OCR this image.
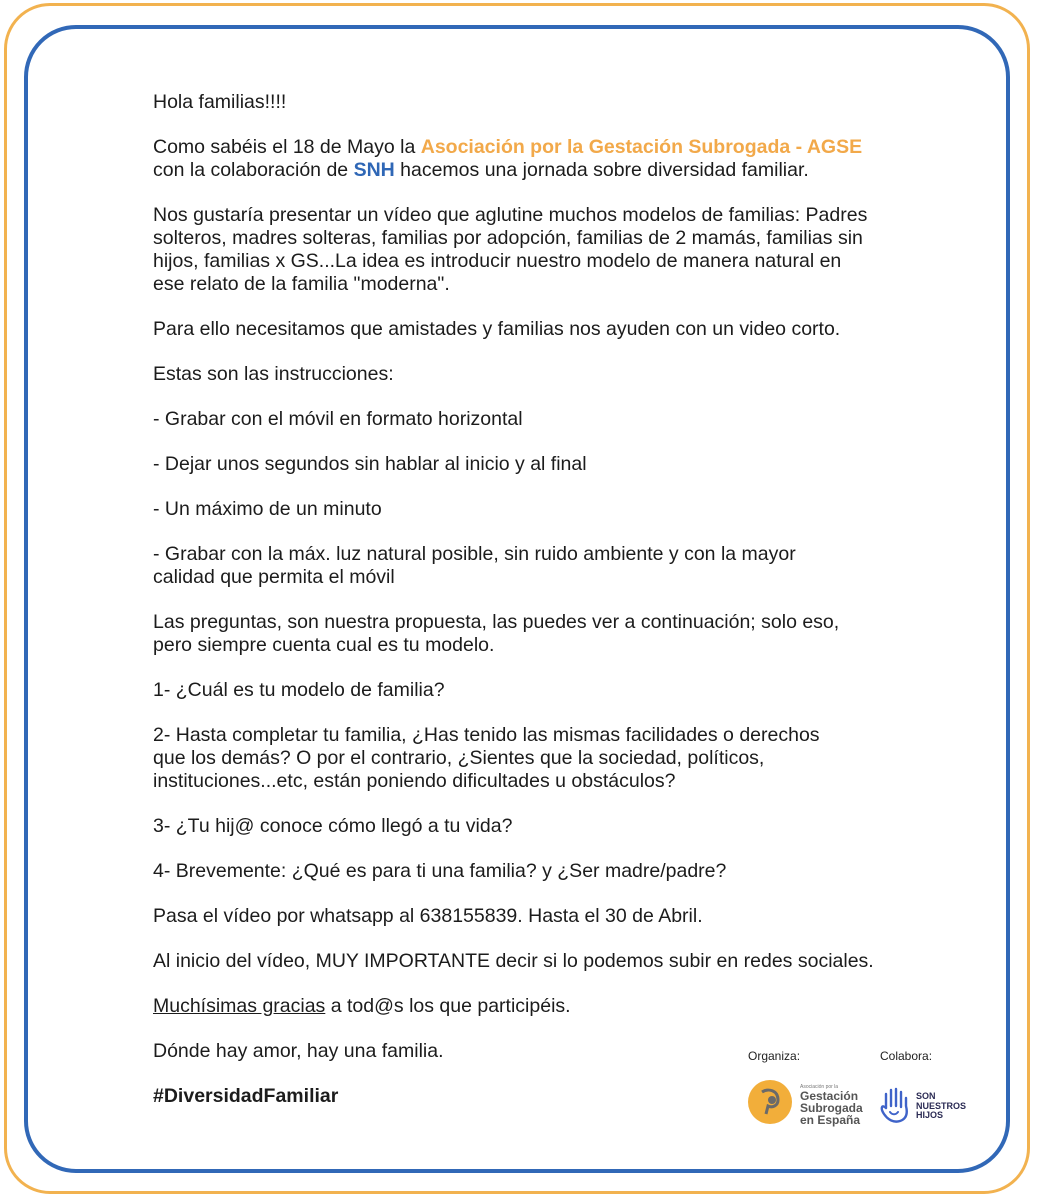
Hola familias!!!!

Como sabéis el 18 de Mayo la Asociación por la Gestación Subrogada - AGSE
con la colaboración de SNH hacemos una jornada sobre diversidad familiar.

Nos gustaría presentar un vídeo que aglutine muchos modelos de familias: Padres solteros, madres solteras, familias por adopción, familias de 2 mamás, familias sin hijos, familias x GS...La idea es introducir nuestro modelo de manera natural en ese relato de la familia "moderna".

Para ello necesitamos que amistades y familias nos ayuden con un video corto.

Estas son las instrucciones:

- Grabar con el móvil en formato horizontal

- Dejar unos segundos sin hablar al inicio y al final

- Un máximo de un minuto

- Grabar con la máx. luz natural posible, sin ruido ambiente y con la mayor calidad que permita el móvil

Las preguntas, son nuestra propuesta, las puedes ver a continuación; solo eso, pero siempre cuenta cual es tu modelo.

1- ¿Cuál es tu modelo de familia?

2- Hasta completar tu familia, ¿Has tenido las mismas facilidades o derechos que los demás? O por el contrario, ¿Sientes que la sociedad, políticos, instituciones...etc, están poniendo dificultades u obstáculos?

3- ¿Tu hij@ conoce cómo llegó a tu vida?

4- Brevemente: ¿Qué es para ti una familia? y ¿Ser madre/padre?

Pasa el vídeo por whatsapp al 638155839. Hasta el 30 de Abril.

Al inicio del vídeo, MUY IMPORTANTE decir si lo podemos subir en redes sociales.

Muchísimas gracias a tod@s los que participéis.

Dónde hay amor, hay una familia.

#DiversidadFamiliar

Organiza:	Colabora:
Asociación por la
Gestación
Subrogada
en España
SON
NUESTROS
HIJOS
